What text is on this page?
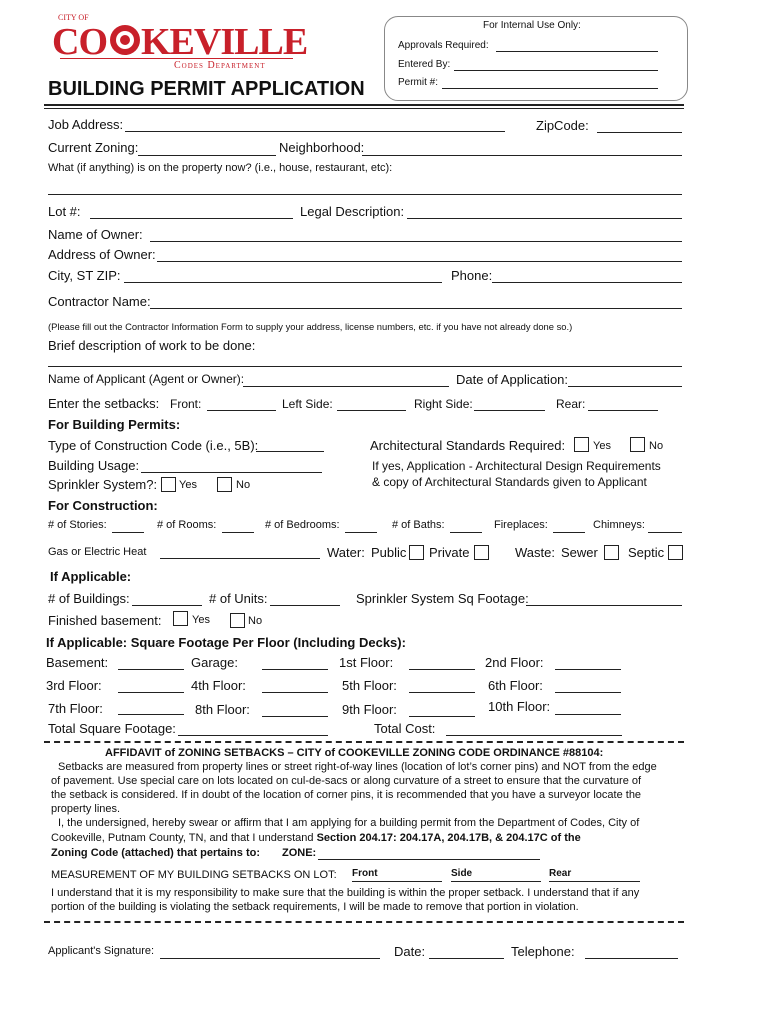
CITY OF
CO KEVILLE
Codes Department
BUILDING PERMIT APPLICATION
For Internal Use Only:
Approvals Required:
Entered By:
Permit #:
Job Address:	ZipCode:
Current Zoning:	Neighborhood:
What (if anything) is on the property now? (i.e., house, restaurant, etc):
Lot #:	Legal Description:
Name of Owner:
Address of Owner:
City, ST ZIP:	Phone:
Contractor Name:
(Please fill out the Contractor Information Form to supply your address, license numbers, etc. if you have not already done so.)
Brief description of work to be done:
Name of Applicant (Agent or Owner):	Date of Application:
Enter the setbacks: Front:	Left Side:	Right Side:	Rear:
For Building Permits:
Type of Construction Code (i.e., 5B):
Building Usage:
Sprinkler System?: Yes	No
Architectural Standards Required:	Yes	No
If yes, Application - Architectural Design Requirements
& copy of Architectural Standards given to Applicant
For Construction:
# of Stories:	# of Rooms:	# of Bedrooms:	# of Baths:	Fireplaces:	Chimneys:
Gas or Electric Heat	Water: Public Private	Waste: Sewer Septic
If Applicable:
# of Buildings:	# of Units:	Sprinkler System Sq Footage:
Finished basement:	Yes	No
If Applicable: Square Footage Per Floor (Including Decks):
Basement:	Garage:	1st Floor:	2nd Floor:
3rd Floor:	4th Floor:	5th Floor:	6th Floor:
7th Floor:	8th Floor:	9th Floor:	10th Floor:
Total Square Footage:	Total Cost:
AFFIDAVIT of ZONING SETBACKS – CITY of COOKEVILLE ZONING CODE ORDINANCE #88104:
Setbacks are measured from property lines or street right-of-way lines (location of lot’s corner pins) and NOT from the edge
of pavement. Use special care on lots located on cul-de-sacs or along curvature of a street to ensure that the curvature of
the setback is considered. If in doubt of the location of corner pins, it is recommended that you have a surveyor locate the
property lines.
I, the undersigned, hereby swear or affirm that I am applying for a building permit from the Department of Codes, City of
Cookeville, Putnam County, TN, and that I understand Section 204.17: 204.17A, 204.17B, & 204.17C of the
Zoning Code (attached) that pertains to: ZONE:
MEASUREMENT OF MY BUILDING SETBACKS ON LOT: Front	Side	Rear
I understand that it is my responsibility to make sure that the building is within the proper setback. I understand that if any
portion of the building is violating the setback requirements, I will be made to remove that portion in violation.
Applicant's Signature:	Date:	Telephone:
